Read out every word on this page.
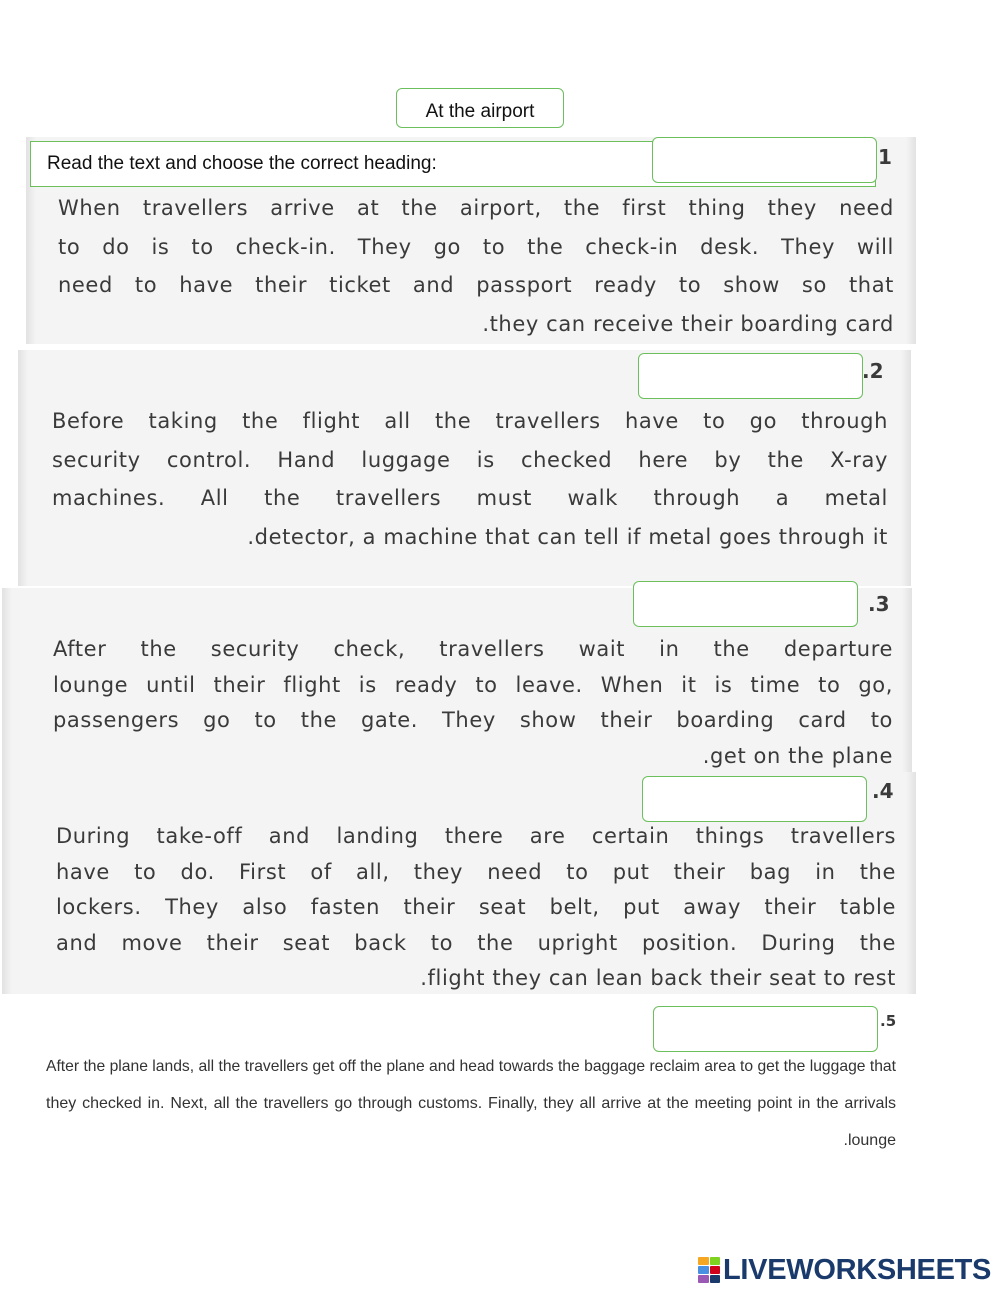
At the airport
1
When travellers arrive at the airport, the first thing they need
to do is to check-in. They go to the check-in desk. They will
need to have their ticket and passport ready to show so that
.they can receive their boarding card
Read the text and choose the correct heading:
.2
Before taking the flight all the travellers have to go through
security control. Hand luggage is checked here by the X-ray
machines. All the travellers must walk through a metal
.detector, a machine that can tell if metal goes through it
.3
After the security check, travellers wait in the departure
lounge until their flight is ready to leave. When it is time to go,
passengers go to the gate. They show their boarding card to
.get on the plane
.4
During take-off and landing there are certain things travellers
have to do. First of all, they need to put their bag in the
lockers. They also fasten their seat belt, put away their table
and move their seat back to the upright position. During the
.flight they can lean back their seat to rest
.5
After the plane lands, all the travellers get off the plane and head towards the baggage reclaim area to get the luggage that
they checked in. Next, all the travellers go through customs. Finally, they all arrive at the meeting point in the arrivals
.lounge
LIVEWORKSHEETS
